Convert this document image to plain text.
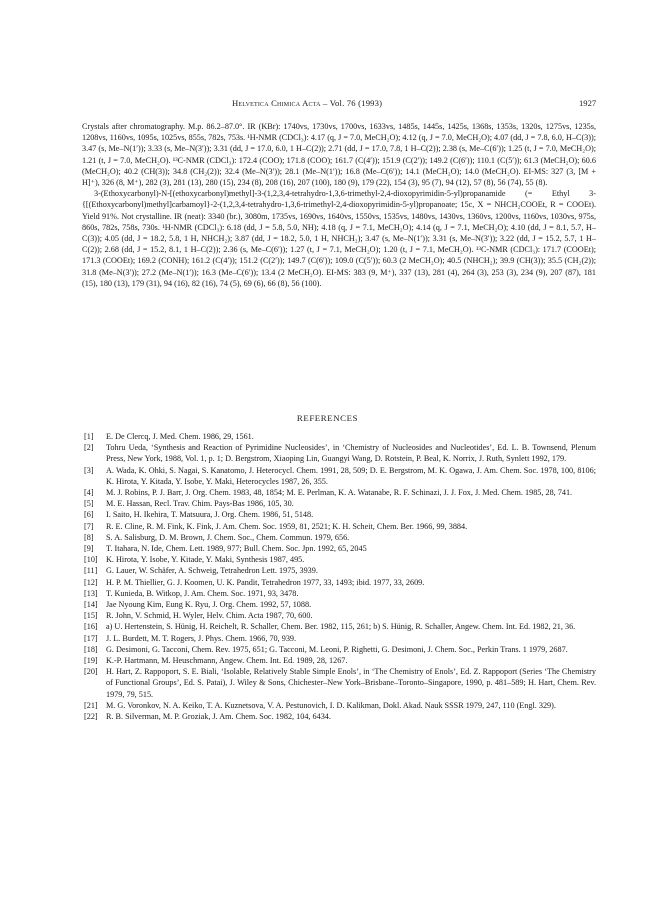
Helvetica Chimica Acta – Vol. 76 (1993)	1927

Crystals after chromatography. M.p. 86.2–87.0°. IR (KBr): 1740vs, 1730vs, 1700vs, 1633vs, 1485s, 1445s, 1425s, 1368s, 1353s, 1320s, 1275vs, 1235s, 1208vs, 1160vs, 1095s, 1025vs, 855s, 782s, 753s. ¹H-NMR (CDCl₃): 4.17 (q, J = 7.0, MeCH₂O); 4.12 (q, J = 7.0, MeCH₂O); 4.07 (dd, J = 7.8, 6.0, H–C(3)); 3.47 (s, Me–N(1′)); 3.33 (s, Me–N(3′)); 3.31 (dd, J = 17.0, 6.0, 1 H–C(2)); 2.71 (dd, J = 17.0, 7.8, 1 H–C(2)); 2.38 (s, Me–C(6′)); 1.25 (t, J = 7.0, MeCH₂O); 1.21 (t, J = 7.0, MeCH₂O). ¹³C-NMR (CDCl₃): 172.4 (COO); 171.8 (COO); 161.7 (C(4′)); 151.9 (C(2′)); 149.2 (C(6′)); 110.1 (C(5′)); 61.3 (MeCH₂O); 60.6 (MeCH₂O); 40.2 (CH(3)); 34.8 (CH₂(2)); 32.4 (Me–N(3′)); 28.1 (Me–N(1′)); 16.8 (Me–C(6′)); 14.1 (MeCH₂O); 14.0 (MeCH₂O). EI-MS: 327 (3, [M + H]⁺), 326 (8, M⁺), 282 (3), 281 (13), 280 (15), 234 (8), 208 (16), 207 (100), 180 (9), 179 (22), 154 (3), 95 (7), 94 (12), 57 (8), 56 (74), 55 (8).

3-(Ethoxycarbonyl)-N-[(ethoxycarbonyl)methyl]-3-(1,2,3,4-tetrahydro-1,3,6-trimethyl-2,4-dioxopyrimidin-5-yl)propanamide (= Ethyl 3-{[(Ethoxycarbonyl)methyl]carbamoyl}-2-(1,2,3,4-tetrahydro-1,3,6-trimethyl-2,4-dioxopyrimidin-5-yl)propanoate; 15c, X = NHCH₂COOEt, R = COOEt). Yield 91%. Not crystalline. IR (neat): 3340 (br.), 3080m, 1735vs, 1690vs, 1640vs, 1550vs, 1535vs, 1480vs, 1430vs, 1360vs, 1200vs, 1160vs, 1030vs, 975s, 860s, 782s, 758s, 730s. ¹H-NMR (CDCl₃): 6.18 (dd, J = 5.8, 5.0, NH); 4.18 (q, J = 7.1, MeCH₂O); 4.14 (q, J = 7.1, MeCH₂O); 4.10 (dd, J = 8.1, 5.7, H–C(3)); 4.05 (dd, J = 18.2, 5.8, 1 H, NHCH₂); 3.87 (dd, J = 18.2, 5.0, 1 H, NHCH₂); 3.47 (s, Me–N(1′)); 3.31 (s, Me–N(3′)); 3.22 (dd, J = 15.2, 5.7, 1 H–C(2)); 2.68 (dd, J = 15.2, 8.1, 1 H–C(2)); 2.36 (s, Me–C(6′)); 1.27 (t, J = 7.1, MeCH₂O); 1.20 (t, J = 7.1, MeCH₂O). ¹³C-NMR (CDCl₃): 171.7 (COOEt); 171.3 (COOEt); 169.2 (CONH); 161.2 (C(4′)); 151.2 (C(2′)); 149.7 (C(6′)); 109.0 (C(5′)); 60.3 (2 MeCH₂O); 40.5 (NHCH₂); 39.9 (CH(3)); 35.5 (CH₂(2)); 31.8 (Me–N(3′)); 27.2 (Me–N(1′)); 16.3 (Me–C(6′)); 13.4 (2 MeCH₂O). EI-MS: 383 (9, M⁺), 337 (13), 281 (4), 264 (3), 253 (3), 234 (9), 207 (87), 181 (15), 180 (13), 179 (31), 94 (16), 82 (16), 74 (5), 69 (6), 66 (8), 56 (100).

REFERENCES
[1]	E. De Clercq, J. Med. Chem. 1986, 29, 1561.
[2]	Tohru Ueda, ‘Synthesis and Reaction of Pyrimidine Nucleosides’, in ‘Chemistry of Nucleosides and Nucleotides’, Ed. L. B. Townsend, Plenum Press, New York, 1988, Vol. 1, p. 1; D. Bergstrom, Xiaoping Lin, Guangyi Wang, D. Rotstein, P. Beal, K. Norrix, J. Ruth, Synlett 1992, 179.
[3]	A. Wada, K. Ohki, S. Nagai, S. Kanatomo, J. Heterocycl. Chem. 1991, 28, 509; D. E. Bergstrom, M. K. Ogawa, J. Am. Chem. Soc. 1978, 100, 8106; K. Hirota, Y. Kitada, Y. Isobe, Y. Maki, Heterocycles 1987, 26, 355.
[4]	M. J. Robins, P. J. Barr, J. Org. Chem. 1983, 48, 1854; M. E. Perlman, K. A. Watanabe, R. F. Schinazi, J. J. Fox, J. Med. Chem. 1985, 28, 741.
[5]	M. E. Hassan, Recl. Trav. Chim. Pays-Bas 1986, 105, 30.
[6]	I. Saito, H. Ikehira, T. Matsuura, J. Org. Chem. 1986, 51, 5148.
[7]	R. E. Cline, R. M. Fink, K. Fink, J. Am. Chem. Soc. 1959, 81, 2521; K. H. Scheit, Chem. Ber. 1966, 99, 3884.
[8]	S. A. Salisburg, D. M. Brown, J. Chem. Soc., Chem. Commun. 1979, 656.
[9]	T. Itahara, N. Ide, Chem. Lett. 1989, 977; Bull. Chem. Soc. Jpn. 1992, 65, 2045
[10]	K. Hirota, Y. Isobe, Y. Kitade, Y. Maki, Synthesis 1987, 495.
[11]	G. Lauer, W. Schäfer, A. Schweig, Tetrahedron Lett. 1975, 3939.
[12]	H. P. M. Thiellier, G. J. Koomen, U. K. Pandit, Tetrahedron 1977, 33, 1493; ibid. 1977, 33, 2609.
[13]	T. Kunieda, B. Witkop, J. Am. Chem. Soc. 1971, 93, 3478.
[14]	Jae Nyoung Kim, Eung K. Ryu, J. Org. Chem. 1992, 57, 1088.
[15]	R. John, V. Schmid, H. Wyler, Helv. Chim. Acta 1987, 70, 600.
[16]	a) U. Hertenstein, S. Hünig, H. Reichelt, R. Schaller, Chem. Ber. 1982, 115, 261; b) S. Hünig, R. Schaller, Angew. Chem. Int. Ed. 1982, 21, 36.
[17]	J. L. Burdett, M. T. Rogers, J. Phys. Chem. 1966, 70, 939.
[18]	G. Desimoni, G. Tacconi, Chem. Rev. 1975, 651; G. Tacconi, M. Leoni, P. Righetti, G. Desimoni, J. Chem. Soc., Perkin Trans. 1 1979, 2687.
[19]	K.-P. Hartmann, M. Heuschmann, Angew. Chem. Int. Ed. 1989, 28, 1267.
[20]	H. Hart, Z. Rappoport, S. E. Biali, ‘Isolable, Relatively Stable Simple Enols’, in ‘The Chemistry of Enols’, Ed. Z. Rappoport (Series ‘The Chemistry of Functional Groups’, Ed. S. Patai), J. Wiley & Sons, Chichester–New York–Brisbane–Toronto–Singapore, 1990, p. 481–589; H. Hart, Chem. Rev. 1979, 79, 515.
[21]	M. G. Voronkov, N. A. Keiko, T. A. Kuznetsova, V. A. Pestunovich, I. D. Kalikman, Dokl. Akad. Nauk SSSR 1979, 247, 110 (Engl. 329).
[22]	R. B. Silverman, M. P. Groziak, J. Am. Chem. Soc. 1982, 104, 6434.
